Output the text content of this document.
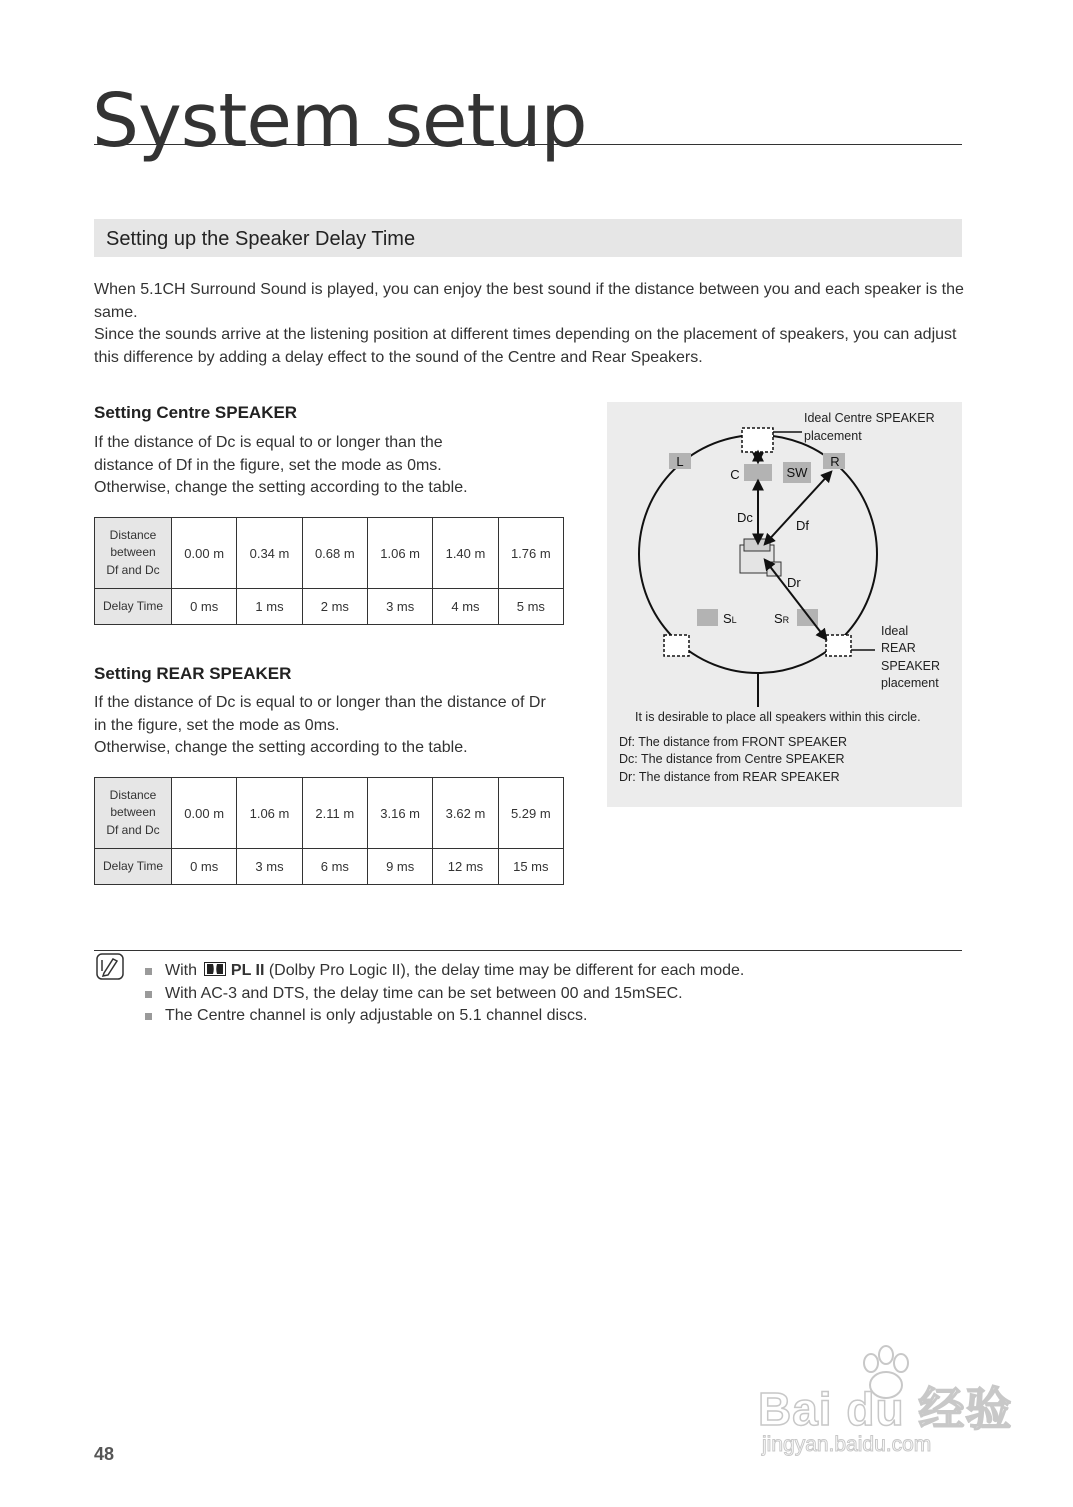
System setup
Setting up the Speaker Delay Time

When 5.1CH Surround Sound is played, you can enjoy the best sound if the distance between you and each speaker is the same.

Since the sounds arrive at the listening position at different times depending on the placement of speakers, you can adjust this difference by adding a delay effect to the sound of the Centre and Rear Speakers.

Setting Centre SPEAKER

If the distance of Dc is equal to or longer than the

distance of Df in the figure, set the mode as 0ms.

Otherwise, change the setting according to the table.

Distance
between
Df and Dc	0.00 m	0.34 m	0.68 m	1.06 m	1.40 m	1.76 m
Delay Time	0 ms	1 ms	2 ms	3 ms	4 ms	5 ms
Setting REAR SPEAKER

If the distance of Dc is equal to or longer than the distance of Dr

in the figure, set the mode as 0ms.

Otherwise, change the setting according to the table.

Distance
between
Df and Dc	0.00 m	1.06 m	2.11 m	3.16 m	3.62 m	5.29 m
Delay Time	0 ms	3 ms	6 ms	9 ms	12 ms	15 ms
L	R
C	SW
SL	SR
Dc
Df
Dr
Ideal Centre SPEAKER
placement
Ideal
REAR
SPEAKER
placement
It is desirable to place all speakers within this circle.
Df: The distance from FRONT SPEAKER
Dc: The distance from Centre SPEAKER
Dr: The distance from REAR SPEAKER
With PL II (Dolby Pro Logic II), the delay time may be different for each mode.
With AC-3 and DTS, the delay time can be set between 00 and 15mSEC.
The Centre channel is only adjustable on 5.1 channel discs.
48
Bai du 经验
jingyan.baidu.com
